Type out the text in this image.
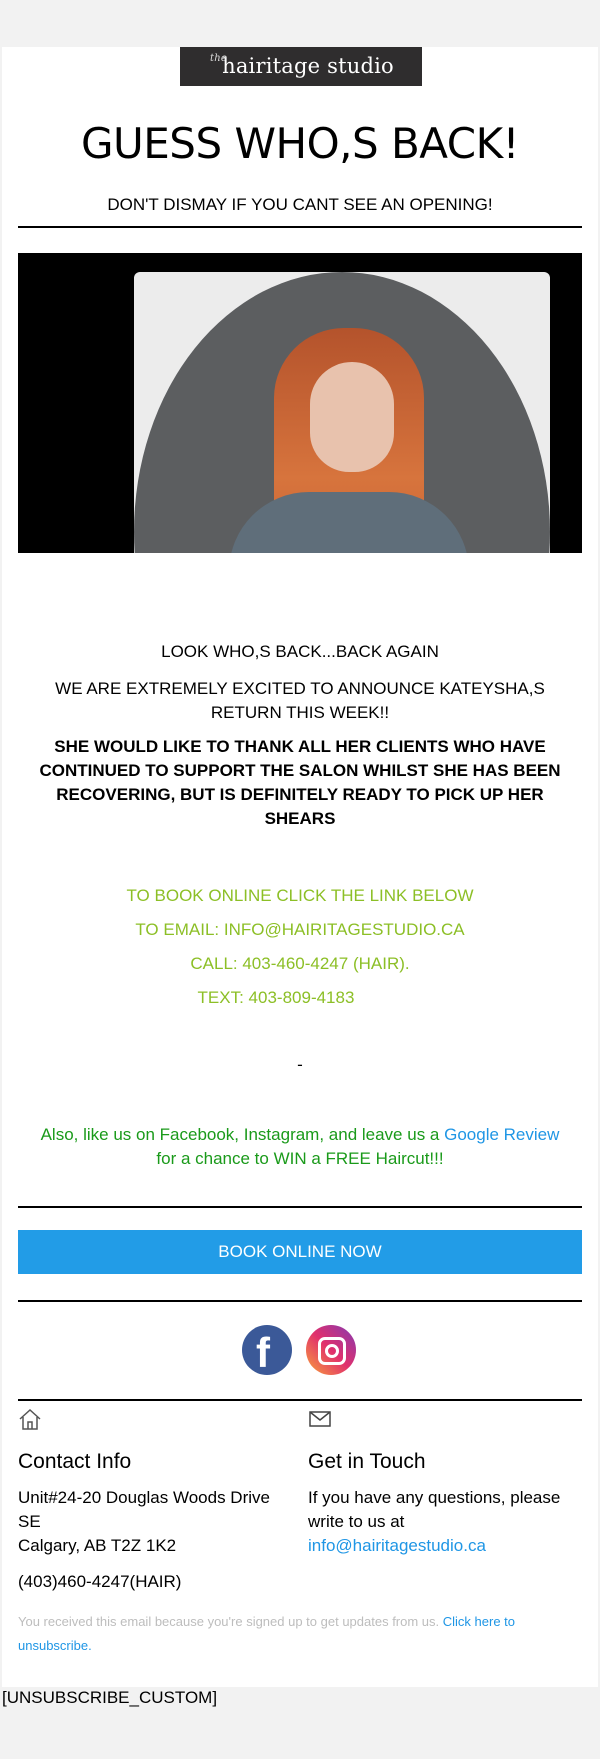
the
hairitage studio
GUESS WHO,S BACK!
DON'T DISMAY IF YOU CANT SEE AN OPENING!
LOOK WHO,S BACK...BACK AGAIN
WE ARE EXTREMELY EXCITED TO ANNOUNCE KATEYSHA,S RETURN THIS WEEK!!
SHE WOULD LIKE TO THANK ALL HER CLIENTS WHO HAVE CONTINUED TO SUPPORT THE SALON WHILST SHE HAS BEEN RECOVERING, BUT IS DEFINITELY READY TO PICK UP HER SHEARS
TO BOOK ONLINE CLICK THE LINK BELOW
TO EMAIL: INFO@HAIRITAGESTUDIO.CA
CALL: 403-460-4247 (HAIR).
TEXT: 403-809-4183
-
Also, like us on Facebook, Instagram, and leave us a Google Review for a chance to WIN a FREE Haircut!!!
BOOK ONLINE NOW
f
Contact Info

Unit#24-20 Douglas Woods Drive SE
Calgary, AB T2Z 1K2

(403)460-4247(HAIR)

Get in Touch

If you have any questions, please write to us at info@hairitagestudio.ca

You received this email because you're signed up to get updates from us. Click here to unsubscribe.
[UNSUBSCRIBE_CUSTOM]
